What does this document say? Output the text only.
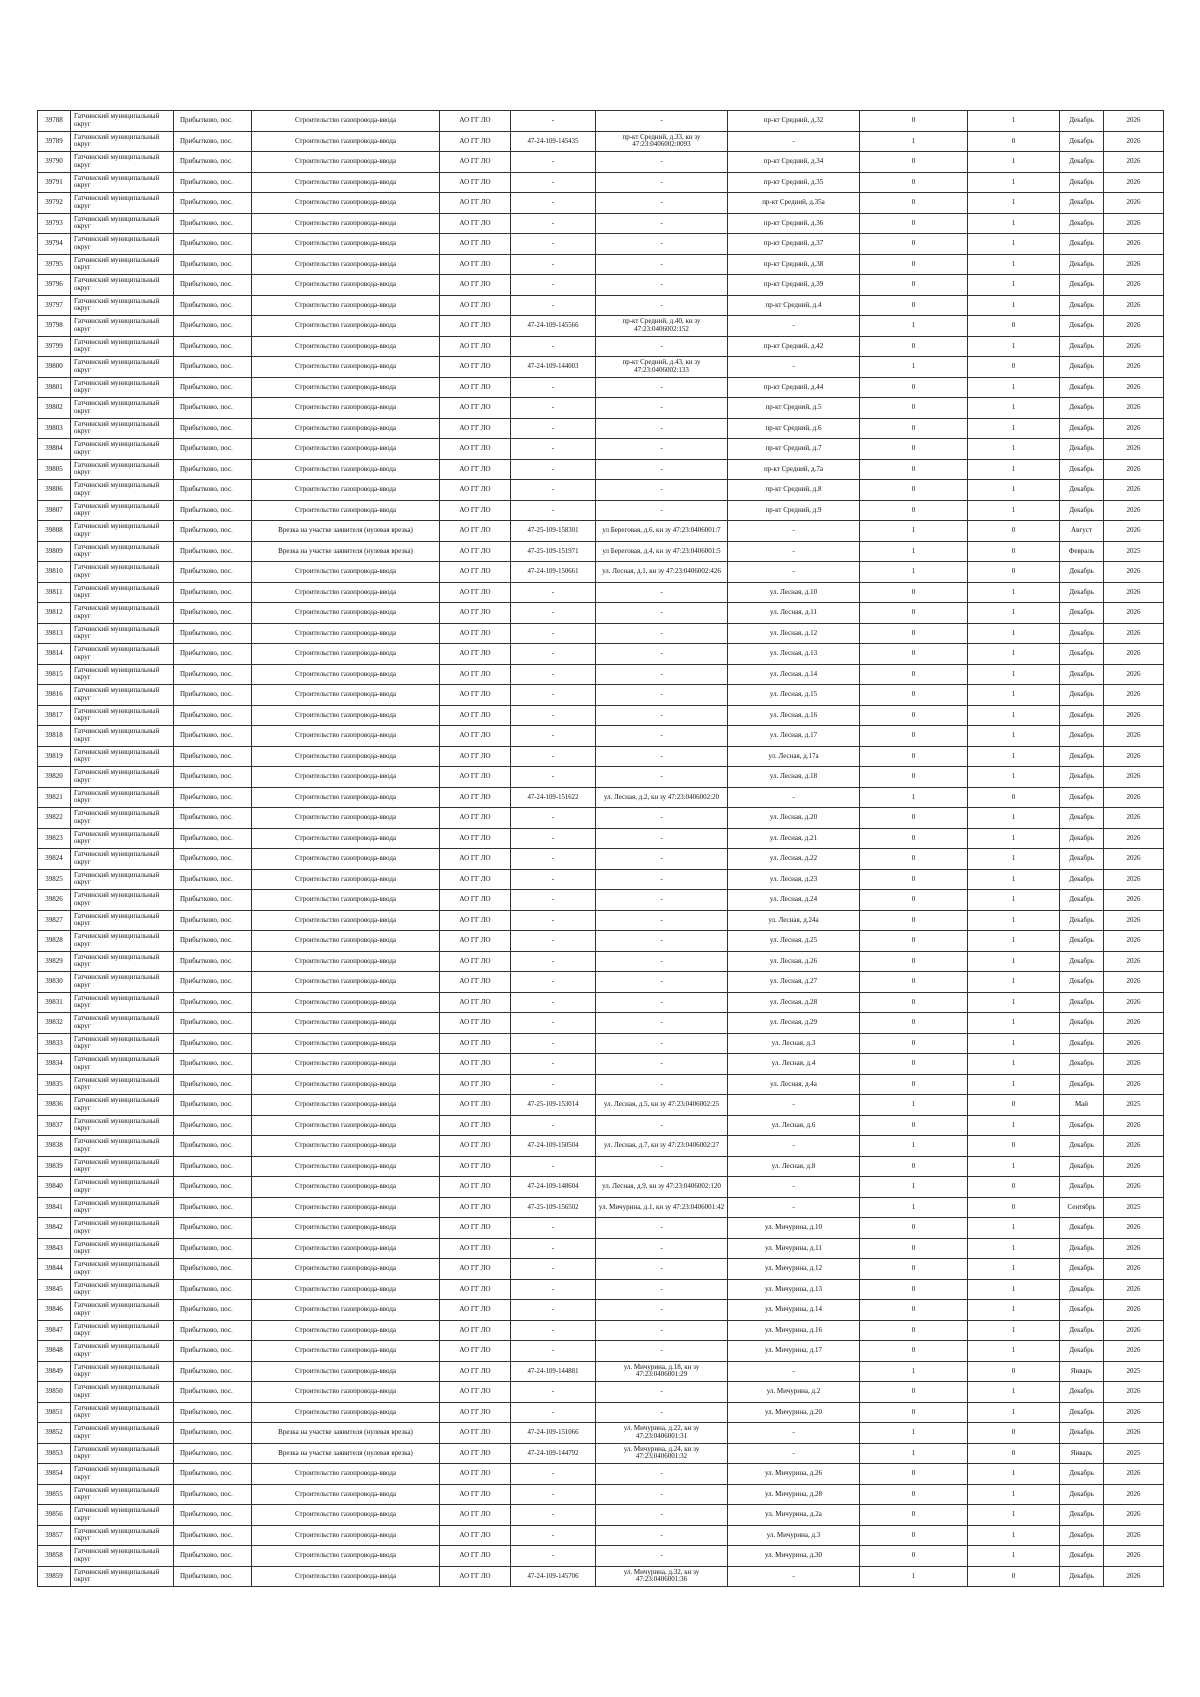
39788	Гатчинский муниципальный округ	Прибытково, пос.	Строительство газопровода-ввода	АО ГГ ЛО	-	-	пр-кт Средний, д.32	0	1	Декабрь	2026
39789	Гатчинский муниципальный округ	Прибытково, пос.	Строительство газопровода-ввода	АО ГГ ЛО	47-24-109-145435	пр-кт Средний, д.33, кн зу 47:23:0406002:0093	-	1	0	Декабрь	2026
39790	Гатчинский муниципальный округ	Прибытково, пос.	Строительство газопровода-ввода	АО ГГ ЛО	-	-	пр-кт Средний, д.34	0	1	Декабрь	2026
39791	Гатчинский муниципальный округ	Прибытково, пос.	Строительство газопровода-ввода	АО ГГ ЛО	-	-	пр-кт Средний, д.35	0	1	Декабрь	2026
39792	Гатчинский муниципальный округ	Прибытково, пос.	Строительство газопровода-ввода	АО ГГ ЛО	-	-	пр-кт Средний, д.35а	0	1	Декабрь	2026
39793	Гатчинский муниципальный округ	Прибытково, пос.	Строительство газопровода-ввода	АО ГГ ЛО	-	-	пр-кт Средний, д.36	0	1	Декабрь	2026
39794	Гатчинский муниципальный округ	Прибытково, пос.	Строительство газопровода-ввода	АО ГГ ЛО	-	-	пр-кт Средний, д.37	0	1	Декабрь	2026
39795	Гатчинский муниципальный округ	Прибытково, пос.	Строительство газопровода-ввода	АО ГГ ЛО	-	-	пр-кт Средний, д.38	0	1	Декабрь	2026
39796	Гатчинский муниципальный округ	Прибытково, пос.	Строительство газопровода-ввода	АО ГГ ЛО	-	-	пр-кт Средний, д.39	0	1	Декабрь	2026
39797	Гатчинский муниципальный округ	Прибытково, пос.	Строительство газопровода-ввода	АО ГГ ЛО	-	-	пр-кт Средний, д.4	0	1	Декабрь	2026
39798	Гатчинский муниципальный округ	Прибытково, пос.	Строительство газопровода-ввода	АО ГГ ЛО	47-24-109-145566	пр-кт Средний, д.40, кн зу 47:23:0406002:152	-	1	0	Декабрь	2026
39799	Гатчинский муниципальный округ	Прибытково, пос.	Строительство газопровода-ввода	АО ГГ ЛО	-	-	пр-кт Средний, д.42	0	1	Декабрь	2026
39800	Гатчинский муниципальный округ	Прибытково, пос.	Строительство газопровода-ввода	АО ГГ ЛО	47-24-109-144003	пр-кт Средний, д.43, кн зу 47:23:0406002:133	-	1	0	Декабрь	2026
39801	Гатчинский муниципальный округ	Прибытково, пос.	Строительство газопровода-ввода	АО ГГ ЛО	-	-	пр-кт Средний, д.44	0	1	Декабрь	2026
39802	Гатчинский муниципальный округ	Прибытково, пос.	Строительство газопровода-ввода	АО ГГ ЛО	-	-	пр-кт Средний, д.5	0	1	Декабрь	2026
39803	Гатчинский муниципальный округ	Прибытково, пос.	Строительство газопровода-ввода	АО ГГ ЛО	-	-	пр-кт Средний, д.6	0	1	Декабрь	2026
39804	Гатчинский муниципальный округ	Прибытково, пос.	Строительство газопровода-ввода	АО ГГ ЛО	-	-	пр-кт Средний, д.7	0	1	Декабрь	2026
39805	Гатчинский муниципальный округ	Прибытково, пос.	Строительство газопровода-ввода	АО ГГ ЛО	-	-	пр-кт Средний, д.7а	0	1	Декабрь	2026
39806	Гатчинский муниципальный округ	Прибытково, пос.	Строительство газопровода-ввода	АО ГГ ЛО	-	-	пр-кт Средний, д.8	0	1	Декабрь	2026
39807	Гатчинский муниципальный округ	Прибытково, пос.	Строительство газопровода-ввода	АО ГГ ЛО	-	-	пр-кт Средний, д.9	0	1	Декабрь	2026
39808	Гатчинский муниципальный округ	Прибытково, пос.	Врезка на участке заявителя (нулевая врезка)	АО ГГ ЛО	47-25-109-158301	ул Береговая, д.6, кн зу 47:23:0406001:7	-	1	0	Август	2026
39809	Гатчинский муниципальный округ	Прибытково, пос.	Врезка на участке заявителя (нулевая врезка)	АО ГГ ЛО	47-25-109-151971	ул Береговая, д.4, кн зу 47:23:0406001:5	-	1	0	Февраль	2025
39810	Гатчинский муниципальный округ	Прибытково, пос.	Строительство газопровода-ввода	АО ГГ ЛО	47-24-109-150661	ул. Лесная, д.1, кн зу 47:23:0406002:426	-	1	0	Декабрь	2026
39811	Гатчинский муниципальный округ	Прибытково, пос.	Строительство газопровода-ввода	АО ГГ ЛО	-	-	ул. Лесная, д.10	0	1	Декабрь	2026
39812	Гатчинский муниципальный округ	Прибытково, пос.	Строительство газопровода-ввода	АО ГГ ЛО	-	-	ул. Лесная, д.11	0	1	Декабрь	2026
39813	Гатчинский муниципальный округ	Прибытково, пос.	Строительство газопровода-ввода	АО ГГ ЛО	-	-	ул. Лесная, д.12	0	1	Декабрь	2026
39814	Гатчинский муниципальный округ	Прибытково, пос.	Строительство газопровода-ввода	АО ГГ ЛО	-	-	ул. Лесная, д.13	0	1	Декабрь	2026
39815	Гатчинский муниципальный округ	Прибытково, пос.	Строительство газопровода-ввода	АО ГГ ЛО	-	-	ул. Лесная, д.14	0	1	Декабрь	2026
39816	Гатчинский муниципальный округ	Прибытково, пос.	Строительство газопровода-ввода	АО ГГ ЛО	-	-	ул. Лесная, д.15	0	1	Декабрь	2026
39817	Гатчинский муниципальный округ	Прибытково, пос.	Строительство газопровода-ввода	АО ГГ ЛО	-	-	ул. Лесная, д.16	0	1	Декабрь	2026
39818	Гатчинский муниципальный округ	Прибытково, пос.	Строительство газопровода-ввода	АО ГГ ЛО	-	-	ул. Лесная, д.17	0	1	Декабрь	2026
39819	Гатчинский муниципальный округ	Прибытково, пос.	Строительство газопровода-ввода	АО ГГ ЛО	-	-	ул. Лесная, д.17а	0	1	Декабрь	2026
39820	Гатчинский муниципальный округ	Прибытково, пос.	Строительство газопровода-ввода	АО ГГ ЛО	-	-	ул. Лесная, д.18	0	1	Декабрь	2026
39821	Гатчинский муниципальный округ	Прибытково, пос.	Строительство газопровода-ввода	АО ГГ ЛО	47-24-109-151622	ул. Лесная, д.2, кн зу 47:23:0406002:20	-	1	0	Декабрь	2026
39822	Гатчинский муниципальный округ	Прибытково, пос.	Строительство газопровода-ввода	АО ГГ ЛО	-	-	ул. Лесная, д.20	0	1	Декабрь	2026
39823	Гатчинский муниципальный округ	Прибытково, пос.	Строительство газопровода-ввода	АО ГГ ЛО	-	-	ул. Лесная, д.21	0	1	Декабрь	2026
39824	Гатчинский муниципальный округ	Прибытково, пос.	Строительство газопровода-ввода	АО ГГ ЛО	-	-	ул. Лесная, д.22	0	1	Декабрь	2026
39825	Гатчинский муниципальный округ	Прибытково, пос.	Строительство газопровода-ввода	АО ГГ ЛО	-	-	ул. Лесная, д.23	0	1	Декабрь	2026
39826	Гатчинский муниципальный округ	Прибытково, пос.	Строительство газопровода-ввода	АО ГГ ЛО	-	-	ул. Лесная, д.24	0	1	Декабрь	2026
39827	Гатчинский муниципальный округ	Прибытково, пос.	Строительство газопровода-ввода	АО ГГ ЛО	-	-	ул. Лесная, д.24а	0	1	Декабрь	2026
39828	Гатчинский муниципальный округ	Прибытково, пос.	Строительство газопровода-ввода	АО ГГ ЛО	-	-	ул. Лесная, д.25	0	1	Декабрь	2026
39829	Гатчинский муниципальный округ	Прибытково, пос.	Строительство газопровода-ввода	АО ГГ ЛО	-	-	ул. Лесная, д.26	0	1	Декабрь	2026
39830	Гатчинский муниципальный округ	Прибытково, пос.	Строительство газопровода-ввода	АО ГГ ЛО	-	-	ул. Лесная, д.27	0	1	Декабрь	2026
39831	Гатчинский муниципальный округ	Прибытково, пос.	Строительство газопровода-ввода	АО ГГ ЛО	-	-	ул. Лесная, д.28	0	1	Декабрь	2026
39832	Гатчинский муниципальный округ	Прибытково, пос.	Строительство газопровода-ввода	АО ГГ ЛО	-	-	ул. Лесная, д.29	0	1	Декабрь	2026
39833	Гатчинский муниципальный округ	Прибытково, пос.	Строительство газопровода-ввода	АО ГГ ЛО	-	-	ул. Лесная, д.3	0	1	Декабрь	2026
39834	Гатчинский муниципальный округ	Прибытково, пос.	Строительство газопровода-ввода	АО ГГ ЛО	-	-	ул. Лесная, д.4	0	1	Декабрь	2026
39835	Гатчинский муниципальный округ	Прибытково, пос.	Строительство газопровода-ввода	АО ГГ ЛО	-	-	ул. Лесная, д.4а	0	1	Декабрь	2026
39836	Гатчинский муниципальный округ	Прибытково, пос.	Строительство газопровода-ввода	АО ГГ ЛО	47-25-109-153014	ул. Лесная, д.5, кн зу 47:23:0406002:25	-	1	0	Май	2025
39837	Гатчинский муниципальный округ	Прибытково, пос.	Строительство газопровода-ввода	АО ГГ ЛО	-	-	ул. Лесная, д.6	0	1	Декабрь	2026
39838	Гатчинский муниципальный округ	Прибытково, пос.	Строительство газопровода-ввода	АО ГГ ЛО	47-24-109-150504	ул. Лесная, д.7, кн зу 47:23:0406002:27	-	1	0	Декабрь	2026
39839	Гатчинский муниципальный округ	Прибытково, пос.	Строительство газопровода-ввода	АО ГГ ЛО	-	-	ул. Лесная, д.8	0	1	Декабрь	2026
39840	Гатчинский муниципальный округ	Прибытково, пос.	Строительство газопровода-ввода	АО ГГ ЛО	47-24-109-148604	ул. Лесная, д.9, кн зу 47:23:0406002:120	-	1	0	Декабрь	2026
39841	Гатчинский муниципальный округ	Прибытково, пос.	Строительство газопровода-ввода	АО ГГ ЛО	47-25-109-156502	ул. Мичурина, д.1, кн зу 47:23:0406001:42	-	1	0	Сентябрь	2025
39842	Гатчинский муниципальный округ	Прибытково, пос.	Строительство газопровода-ввода	АО ГГ ЛО	-	-	ул. Мичурина, д.10	0	1	Декабрь	2026
39843	Гатчинский муниципальный округ	Прибытково, пос.	Строительство газопровода-ввода	АО ГГ ЛО	-	-	ул. Мичурина, д.11	0	1	Декабрь	2026
39844	Гатчинский муниципальный округ	Прибытково, пос.	Строительство газопровода-ввода	АО ГГ ЛО	-	-	ул. Мичурина, д.12	0	1	Декабрь	2026
39845	Гатчинский муниципальный округ	Прибытково, пос.	Строительство газопровода-ввода	АО ГГ ЛО	-	-	ул. Мичурина, д.13	0	1	Декабрь	2026
39846	Гатчинский муниципальный округ	Прибытково, пос.	Строительство газопровода-ввода	АО ГГ ЛО	-	-	ул. Мичурина, д.14	0	1	Декабрь	2026
39847	Гатчинский муниципальный округ	Прибытково, пос.	Строительство газопровода-ввода	АО ГГ ЛО	-	-	ул. Мичурина, д.16	0	1	Декабрь	2026
39848	Гатчинский муниципальный округ	Прибытково, пос.	Строительство газопровода-ввода	АО ГГ ЛО	-	-	ул. Мичурина, д.17	0	1	Декабрь	2026
39849	Гатчинский муниципальный округ	Прибытково, пос.	Строительство газопровода-ввода	АО ГГ ЛО	47-24-109-144881	ул. Мичурина, д.18, кн зу 47:23:0406001:29	-	1	0	Январь	2025
39850	Гатчинский муниципальный округ	Прибытково, пос.	Строительство газопровода-ввода	АО ГГ ЛО	-	-	ул. Мичурина, д.2	0	1	Декабрь	2026
39851	Гатчинский муниципальный округ	Прибытково, пос.	Строительство газопровода-ввода	АО ГГ ЛО	-	-	ул. Мичурина, д.20	0	1	Декабрь	2026
39852	Гатчинский муниципальный округ	Прибытково, пос.	Врезка на участке заявителя (нулевая врезка)	АО ГГ ЛО	47-24-109-151066	ул. Мичурина, д.22, кн зу 47:23:0406001:31	-	1	0	Декабрь	2026
39853	Гатчинский муниципальный округ	Прибытково, пос.	Врезка на участке заявителя (нулевая врезка)	АО ГГ ЛО	47-24-109-144792	ул. Мичурина, д.24, кн зу 47:23:0406001:32	-	1	0	Январь	2025
39854	Гатчинский муниципальный округ	Прибытково, пос.	Строительство газопровода-ввода	АО ГГ ЛО	-	-	ул. Мичурина, д.26	0	1	Декабрь	2026
39855	Гатчинский муниципальный округ	Прибытково, пос.	Строительство газопровода-ввода	АО ГГ ЛО	-	-	ул. Мичурина, д.28	0	1	Декабрь	2026
39856	Гатчинский муниципальный округ	Прибытково, пос.	Строительство газопровода-ввода	АО ГГ ЛО	-	-	ул. Мичурина, д.2а	0	1	Декабрь	2026
39857	Гатчинский муниципальный округ	Прибытково, пос.	Строительство газопровода-ввода	АО ГГ ЛО	-	-	ул. Мичурина, д.3	0	1	Декабрь	2026
39858	Гатчинский муниципальный округ	Прибытково, пос.	Строительство газопровода-ввода	АО ГГ ЛО	-	-	ул. Мичурина, д.30	0	1	Декабрь	2026
39859	Гатчинский муниципальный округ	Прибытково, пос.	Строительство газопровода-ввода	АО ГГ ЛО	47-24-109-145706	ул. Мичурина, д.32, кн зу 47:23:0406001:36	-	1	0	Декабрь	2026
